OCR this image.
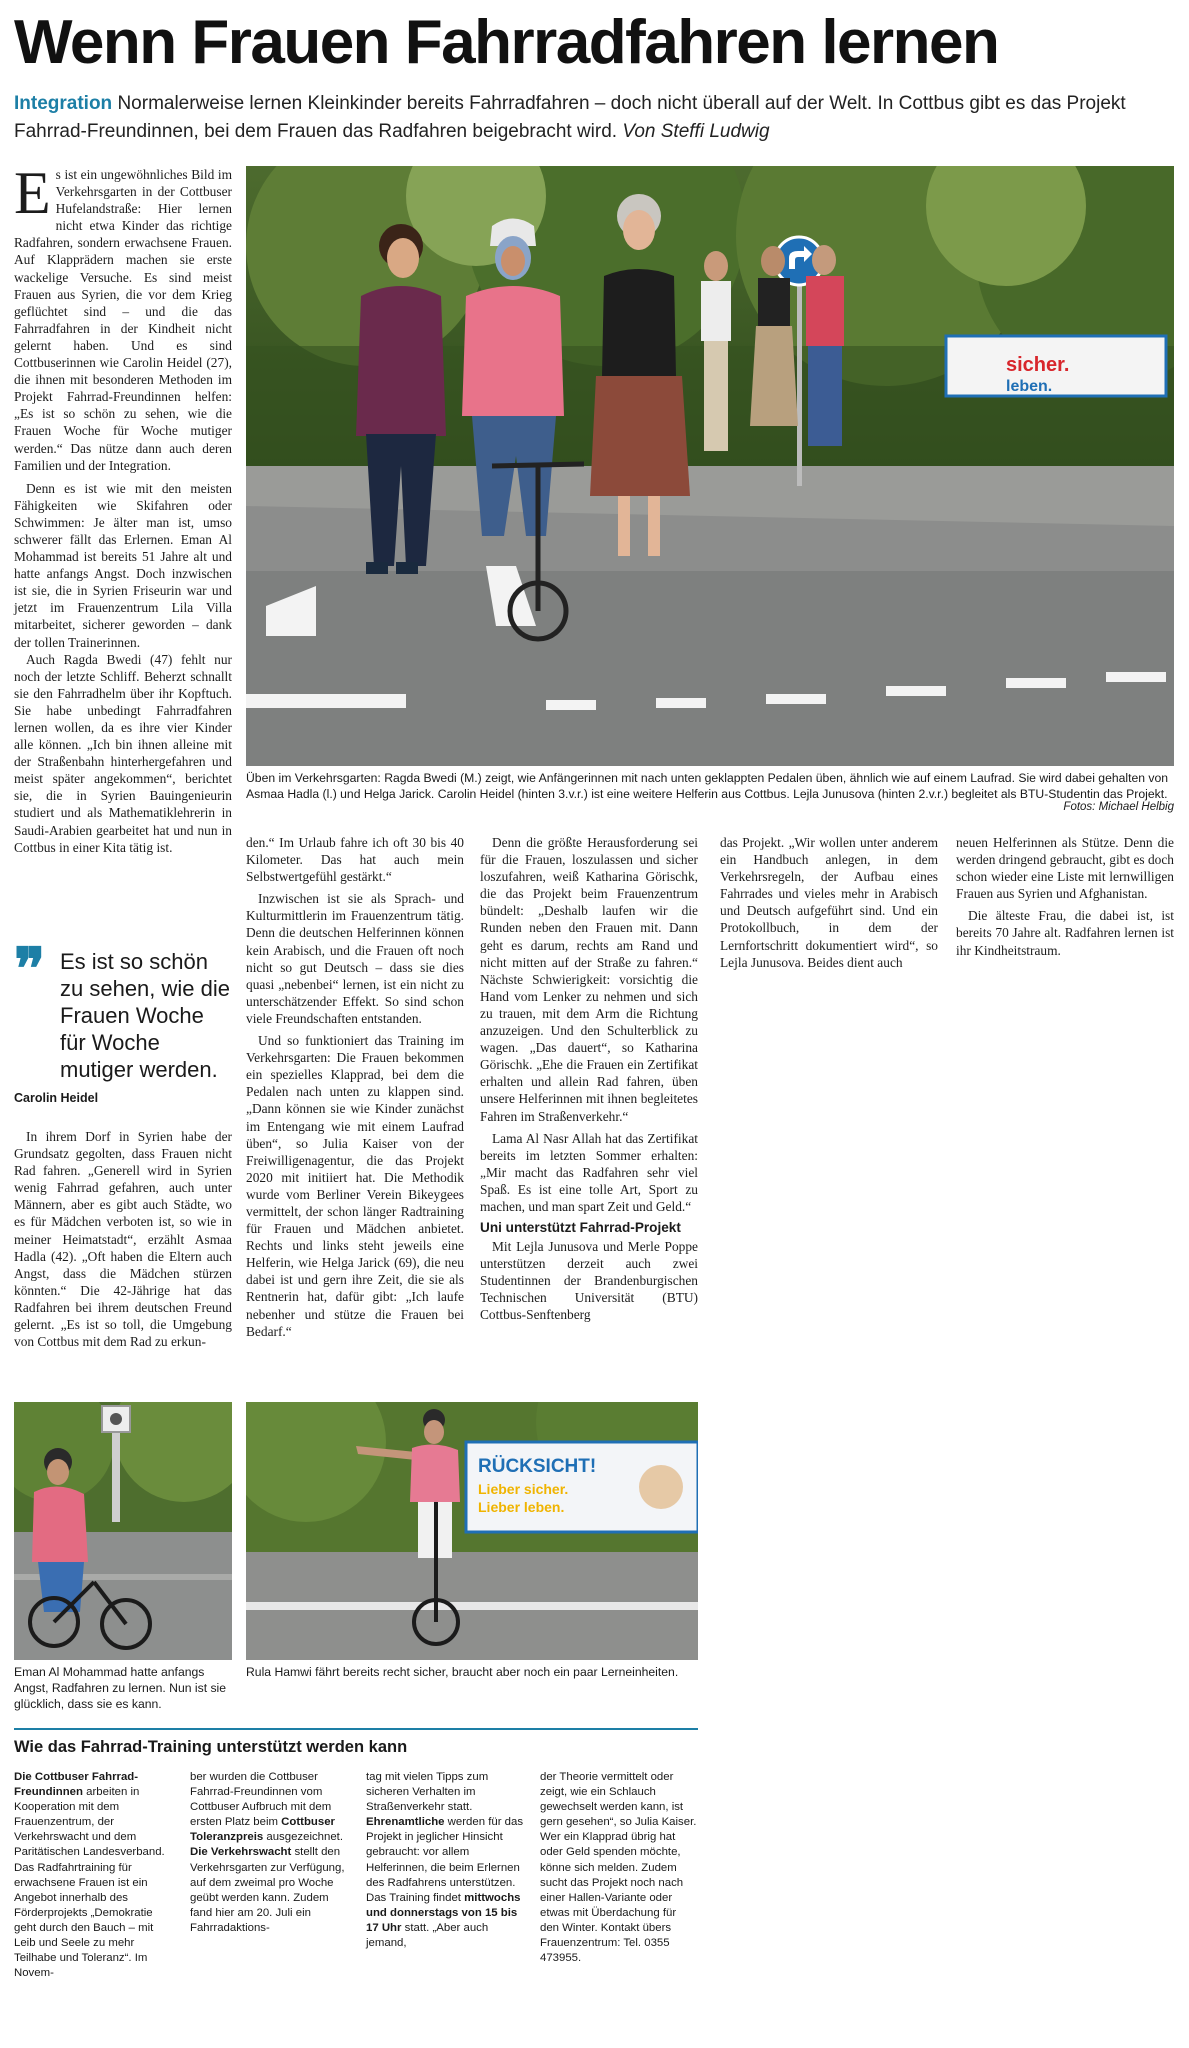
Wenn Frauen Fahrradfahren lernen
Integration Normalerweise lernen Kleinkinder bereits Fahrradfahren – doch nicht überall auf der Welt. In Cottbus gibt es das Projekt Fahrrad-Freundinnen, bei dem Frauen das Radfahren beigebracht wird. Von Steffi Ludwig
E s ist ein ungewöhnliches Bild im Verkehrsgarten in der Cottbuser Hufelandstraße: Hier lernen nicht etwa Kinder das richtige Radfahren, sondern erwachsene Frauen. Auf Klapprädern machen sie erste wackelige Versuche. Es sind meist Frauen aus Syrien, die vor dem Krieg geflüchtet sind – und die das Fahrradfahren in der Kindheit nicht gelernt haben. Und es sind Cottbuserinnen wie Carolin Heidel (27), die ihnen mit besonderen Methoden im Projekt Fahrrad-Freundinnen helfen: „Es ist so schön zu sehen, wie die Frauen Woche für Woche mutiger werden.“ Das nütze dann auch deren Familien und der Integration.

Denn es ist wie mit den meisten Fähigkeiten wie Skifahren oder Schwimmen: Je älter man ist, umso schwerer fällt das Erlernen. Eman Al Mohammad ist bereits 51 Jahre alt und hatte anfangs Angst. Doch inzwischen ist sie, die in Syrien Friseurin war und jetzt im Frauenzentrum Lila Villa mitarbeitet, sicherer geworden – dank der tollen Trainerinnen.

Auch Ragda Bwedi (47) fehlt nur noch der letzte Schliff. Beherzt schnallt sie den Fahrradhelm über ihr Kopftuch. Sie habe unbedingt Fahrradfahren lernen wollen, da es ihre vier Kinder alle können. „Ich bin ihnen alleine mit der Straßenbahn hinterhergefahren und meist später angekommen“, berichtet sie, die in Syrien Bauingenieurin studiert und als Mathematiklehrerin in Saudi-Arabien gearbeitet hat und nun in Cottbus in einer Kita tätig ist.

❞ Es ist so schön zu sehen, wie die Frauen Woche für Woche mutiger werden.
Carolin Heidel

In ihrem Dorf in Syrien habe der Grundsatz gegolten, dass Frauen nicht Rad fahren. „Generell wird in Syrien wenig Fahrrad gefahren, auch unter Männern, aber es gibt auch Städte, wo es für Mädchen verboten ist, so wie in meiner Heimatstadt“, erzählt Asmaa Hadla (42). „Oft haben die Eltern auch Angst, dass die Mädchen stürzen könnten.“ Die 42-Jährige hat das Radfahren bei ihrem deutschen Freund gelernt. „Es ist so toll, die Umgebung von Cottbus mit dem Rad zu erkun-

sicher.
leben.
Üben im Verkehrsgarten: Ragda Bwedi (M.) zeigt, wie Anfängerinnen mit nach unten geklappten Pedalen üben, ähnlich wie auf einem Laufrad. Sie wird dabei gehalten von Asmaa Hadla (l.) und Helga Jarick. Carolin Heidel (hinten 3.v.r.) ist eine weitere Helferin aus Cottbus. Lejla Junusova (hinten 2.v.r.) begleitet als BTU-Studentin das Projekt.
Fotos: Michael Helbig

den.“ Im Urlaub fahre ich oft 30 bis 40 Kilometer. Das hat auch mein Selbstwertgefühl gestärkt.“

Inzwischen ist sie als Sprach- und Kulturmittlerin im Frauenzentrum tätig. Denn die deutschen Helferinnen können kein Arabisch, und die Frauen oft noch nicht so gut Deutsch – dass sie dies quasi „nebenbei“ lernen, ist ein nicht zu unterschätzender Effekt. So sind schon viele Freundschaften entstanden.

Und so funktioniert das Training im Verkehrsgarten: Die Frauen bekommen ein spezielles Klapprad, bei dem die Pedalen nach unten zu klappen sind. „Dann können sie wie Kinder zunächst im Entengang wie mit einem Laufrad üben“, so Julia Kaiser von der Freiwilligenagentur, die das Projekt 2020 mit initiiert hat. Die Methodik wurde vom Berliner Verein Bikeygees vermittelt, der schon länger Radtraining für Frauen und Mädchen anbietet. Rechts und links steht jeweils eine Helferin, wie Helga Jarick (69), die neu dabei ist und gern ihre Zeit, die sie als Rentnerin hat, dafür gibt: „Ich laufe nebenher und stütze die Frauen bei Bedarf.“

Denn die größte Herausforderung sei für die Frauen, loszulassen und sicher loszufahren, weiß Katharina Görischk, die das Projekt beim Frauenzentrum bündelt: „Deshalb laufen wir die Runden neben den Frauen mit. Dann geht es darum, rechts am Rand und nicht mitten auf der Straße zu fahren.“ Nächste Schwierigkeit: vorsichtig die Hand vom Lenker zu nehmen und sich zu trauen, mit dem Arm die Richtung anzuzeigen. Und den Schulterblick zu wagen. „Das dauert“, so Katharina Görischk. „Ehe die Frauen ein Zertifikat erhalten und allein Rad fahren, üben unsere Helferinnen mit ihnen begleitetes Fahren im Straßenverkehr.“

Lama Al Nasr Allah hat das Zertifikat bereits im letzten Sommer erhalten: „Mir macht das Radfahren sehr viel Spaß. Es ist eine tolle Art, Sport zu machen, und man spart Zeit und Geld.“

Uni unterstützt Fahrrad-Projekt

Mit Lejla Junusova und Merle Poppe unterstützen derzeit auch zwei Studentinnen der Brandenburgischen Technischen Universität (BTU) Cottbus-Senftenberg

das Projekt. „Wir wollen unter anderem ein Handbuch anlegen, in dem Verkehrsregeln, der Aufbau eines Fahrrades und vieles mehr in Arabisch und Deutsch aufgeführt sind. Und ein Protokollbuch, in dem der Lernfortschritt dokumentiert wird“, so Lejla Junusova. Beides dient auch

neuen Helferinnen als Stütze. Denn die werden dringend gebraucht, gibt es doch schon wieder eine Liste mit lernwilligen Frauen aus Syrien und Afghanistan.

Die älteste Frau, die dabei ist, ist bereits 70 Jahre alt. Radfahren lernen ist ihr Kindheitstraum.

Eman Al Mohammad hatte anfangs Angst, Radfahren zu lernen. Nun ist sie glücklich, dass sie es kann.
RÜCKSICHT!
Lieber sicher.
Lieber leben.
Rula Hamwi fährt bereits recht sicher, braucht aber noch ein paar Lerneinheiten.
Wie das Fahrrad-Training unterstützt werden kann
Die Cottbuser Fahrrad-Freundinnen arbeiten in Kooperation mit dem Frauenzentrum, der Verkehrswacht und dem Paritätischen Landesverband. Das Radfahrtraining für erwachsene Frauen ist ein Angebot innerhalb des Förderprojekts „Demokratie geht durch den Bauch – mit Leib und Seele zu mehr Teilhabe und Toleranz“. Im Novem-
ber wurden die Cottbuser Fahrrad-Freundinnen vom Cottbuser Aufbruch mit dem ersten Platz beim Cottbuser Toleranzpreis ausgezeichnet.
Die Verkehrswacht stellt den Verkehrsgarten zur Verfügung, auf dem zweimal pro Woche geübt werden kann. Zudem fand hier am 20. Juli ein Fahrradaktions-
tag mit vielen Tipps zum sicheren Verhalten im Straßenverkehr statt.
Ehrenamtliche werden für das Projekt in jeglicher Hinsicht gebraucht: vor allem Helferinnen, die beim Erlernen des Radfahrens unterstützen. Das Training findet mittwochs und donnerstags von 15 bis 17 Uhr statt. „Aber auch jemand,
der Theorie vermittelt oder zeigt, wie ein Schlauch gewechselt werden kann, ist gern gesehen“, so Julia Kaiser. Wer ein Klapprad übrig hat oder Geld spenden möchte, könne sich melden. Zudem sucht das Projekt noch nach einer Hallen-Variante oder etwas mit Überdachung für den Winter. Kontakt übers Frauenzentrum: Tel. 0355 473955.
